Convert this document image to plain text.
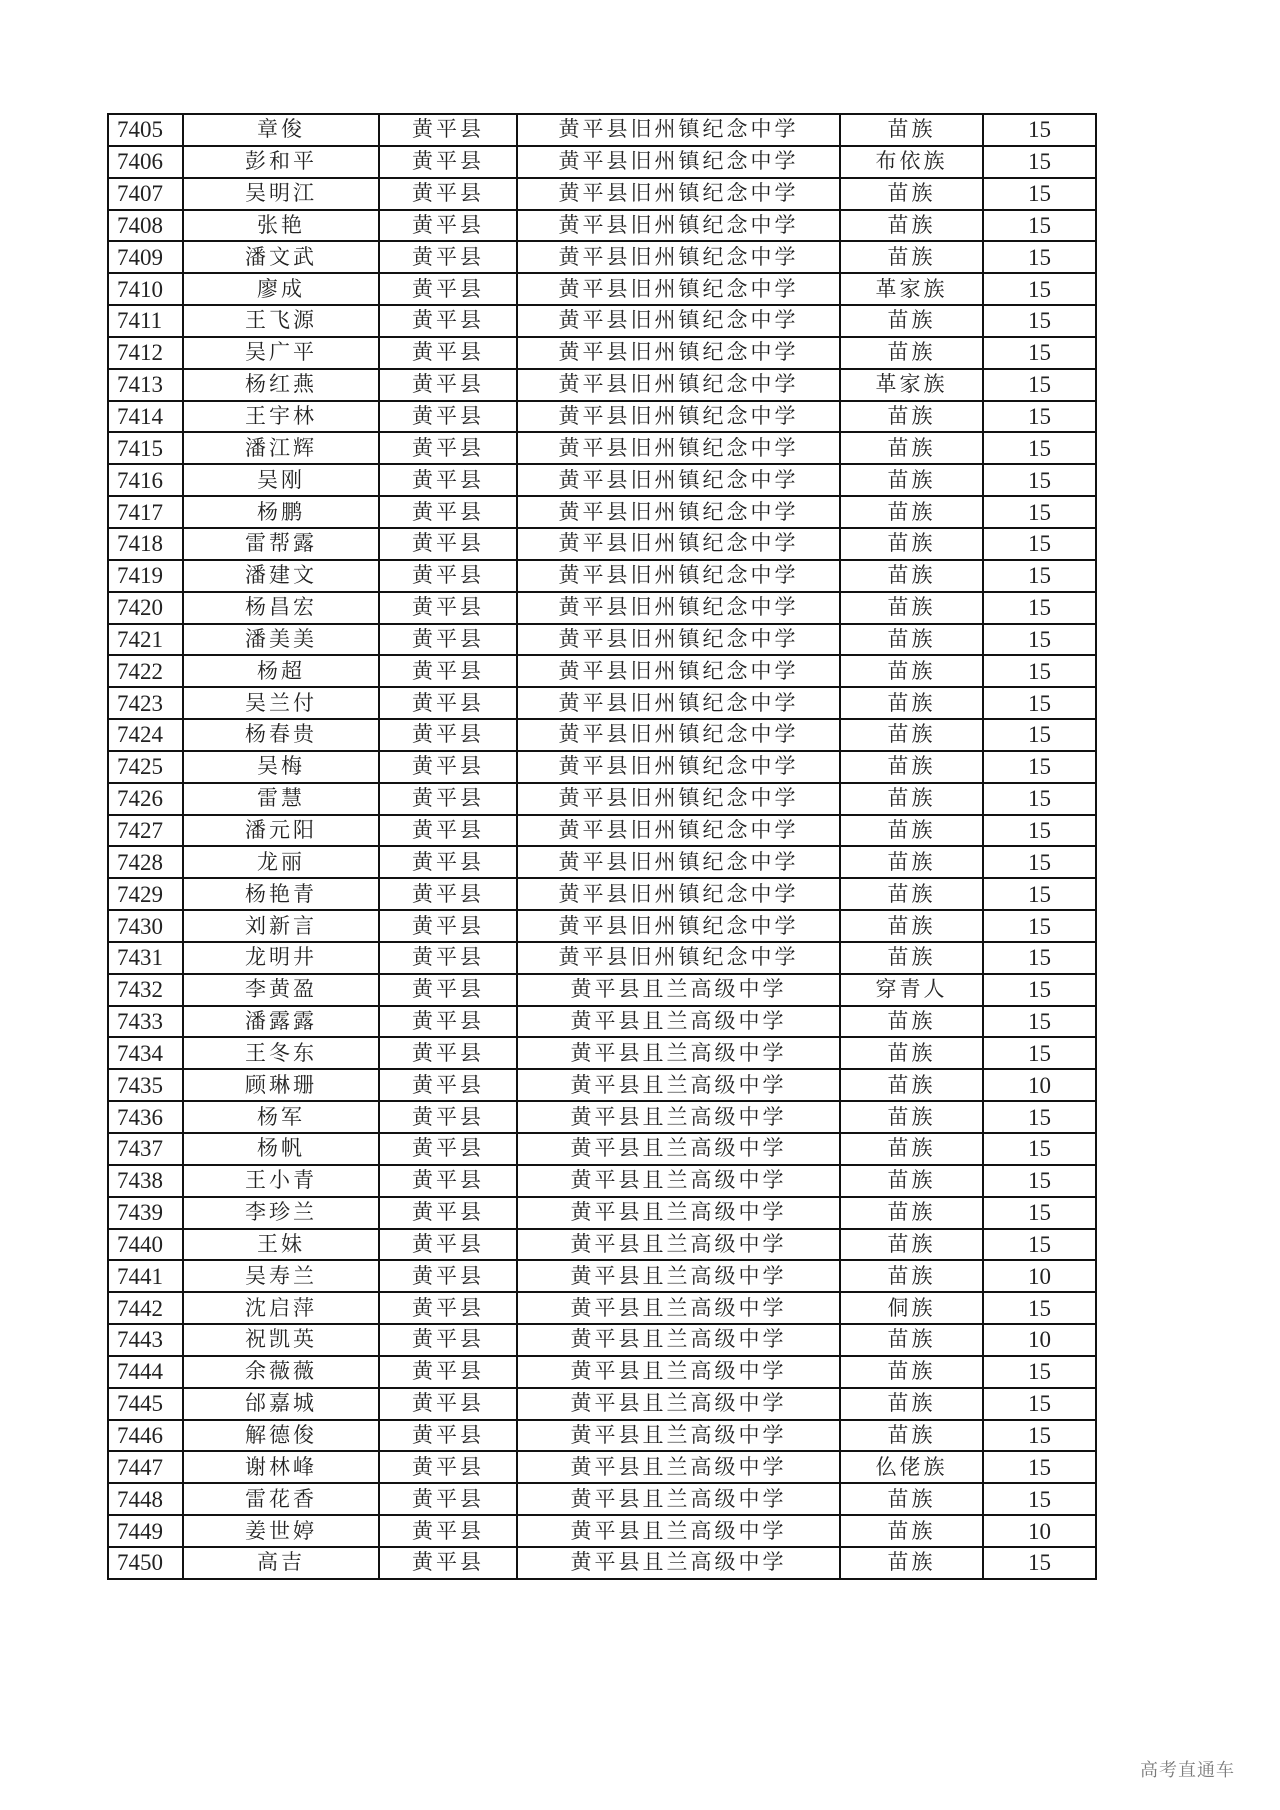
7405	章俊	黄平县	黄平县旧州镇纪念中学	苗族	15
7406	彭和平	黄平县	黄平县旧州镇纪念中学	布依族	15
7407	吴明江	黄平县	黄平县旧州镇纪念中学	苗族	15
7408	张艳	黄平县	黄平县旧州镇纪念中学	苗族	15
7409	潘文武	黄平县	黄平县旧州镇纪念中学	苗族	15
7410	廖成	黄平县	黄平县旧州镇纪念中学	革家族	15
7411	王飞源	黄平县	黄平县旧州镇纪念中学	苗族	15
7412	吴广平	黄平县	黄平县旧州镇纪念中学	苗族	15
7413	杨红燕	黄平县	黄平县旧州镇纪念中学	革家族	15
7414	王宇林	黄平县	黄平县旧州镇纪念中学	苗族	15
7415	潘江辉	黄平县	黄平县旧州镇纪念中学	苗族	15
7416	吴刚	黄平县	黄平县旧州镇纪念中学	苗族	15
7417	杨鹏	黄平县	黄平县旧州镇纪念中学	苗族	15
7418	雷帮露	黄平县	黄平县旧州镇纪念中学	苗族	15
7419	潘建文	黄平县	黄平县旧州镇纪念中学	苗族	15
7420	杨昌宏	黄平县	黄平县旧州镇纪念中学	苗族	15
7421	潘美美	黄平县	黄平县旧州镇纪念中学	苗族	15
7422	杨超	黄平县	黄平县旧州镇纪念中学	苗族	15
7423	吴兰付	黄平县	黄平县旧州镇纪念中学	苗族	15
7424	杨春贵	黄平县	黄平县旧州镇纪念中学	苗族	15
7425	吴梅	黄平县	黄平县旧州镇纪念中学	苗族	15
7426	雷慧	黄平县	黄平县旧州镇纪念中学	苗族	15
7427	潘元阳	黄平县	黄平县旧州镇纪念中学	苗族	15
7428	龙丽	黄平县	黄平县旧州镇纪念中学	苗族	15
7429	杨艳青	黄平县	黄平县旧州镇纪念中学	苗族	15
7430	刘新言	黄平县	黄平县旧州镇纪念中学	苗族	15
7431	龙明井	黄平县	黄平县旧州镇纪念中学	苗族	15
7432	李黄盈	黄平县	黄平县且兰高级中学	穿青人	15
7433	潘露露	黄平县	黄平县且兰高级中学	苗族	15
7434	王冬东	黄平县	黄平县且兰高级中学	苗族	15
7435	顾琳珊	黄平县	黄平县且兰高级中学	苗族	10
7436	杨军	黄平县	黄平县且兰高级中学	苗族	15
7437	杨帆	黄平县	黄平县且兰高级中学	苗族	15
7438	王小青	黄平县	黄平县且兰高级中学	苗族	15
7439	李珍兰	黄平县	黄平县且兰高级中学	苗族	15
7440	王妹	黄平县	黄平县且兰高级中学	苗族	15
7441	吴寿兰	黄平县	黄平县且兰高级中学	苗族	10
7442	沈启萍	黄平县	黄平县且兰高级中学	侗族	15
7443	祝凯英	黄平县	黄平县且兰高级中学	苗族	10
7444	余薇薇	黄平县	黄平县且兰高级中学	苗族	15
7445	邰嘉城	黄平县	黄平县且兰高级中学	苗族	15
7446	解德俊	黄平县	黄平县且兰高级中学	苗族	15
7447	谢林峰	黄平县	黄平县且兰高级中学	仫佬族	15
7448	雷花香	黄平县	黄平县且兰高级中学	苗族	15
7449	姜世婷	黄平县	黄平县且兰高级中学	苗族	10
7450	高吉	黄平县	黄平县且兰高级中学	苗族	15
高考直通车
